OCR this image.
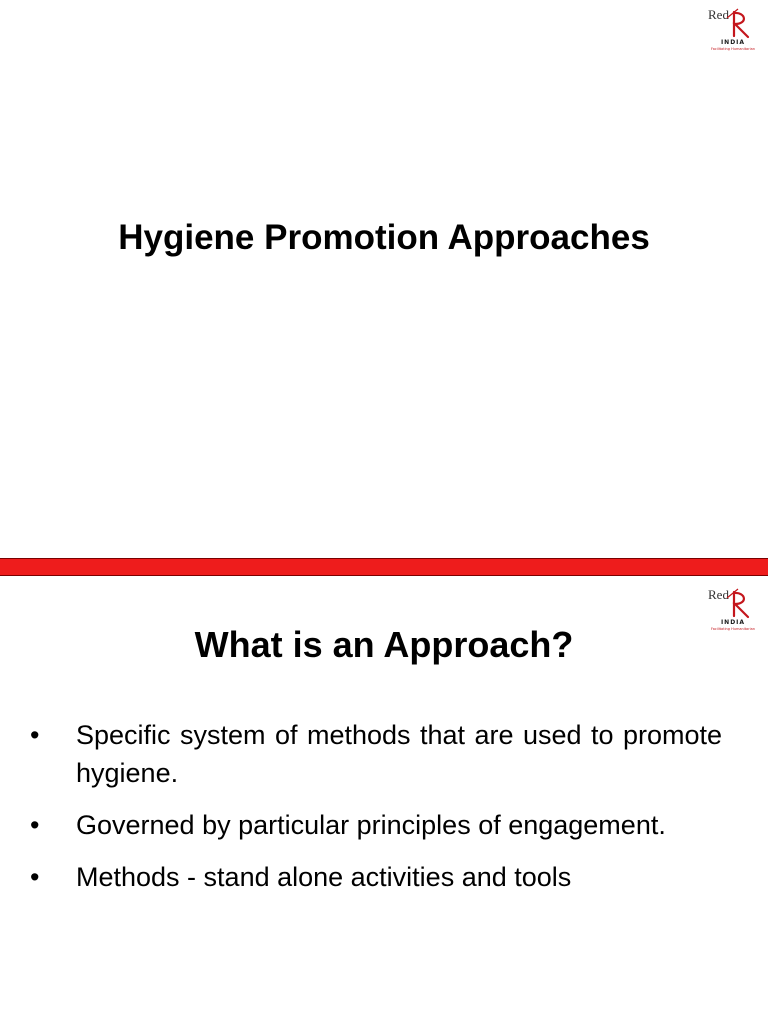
Red
INDIA
Facilitating Humanitarian
Hygiene Promotion Approaches
Red
INDIA
Facilitating Humanitarian
What is an Approach?
• Specific system of methods that are used to promote hygiene.
• Governed by particular principles of engagement.
• Methods - stand alone activities and tools
